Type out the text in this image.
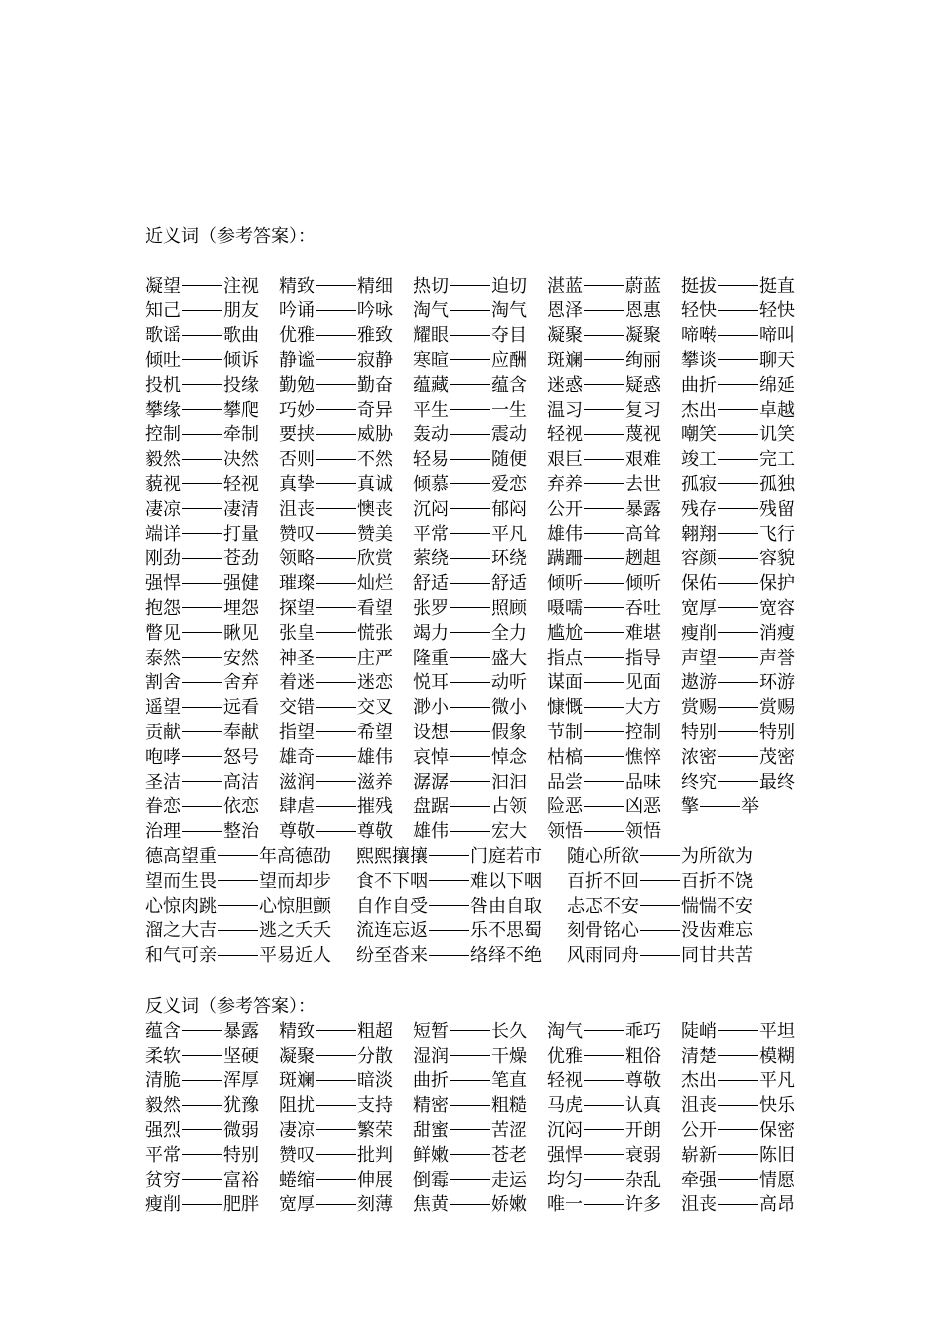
近义词（参考答案）：
凝望 注视	精致 精细	热切 迫切	湛蓝 蔚蓝	挺拔 挺直
知己 朋友	吟诵 吟咏	淘气 淘气	恩泽 恩惠	轻快 轻快
歌谣 歌曲	优雅 雅致	耀眼 夺目	凝聚 凝聚	啼啭 啼叫
倾吐 倾诉	静谧 寂静	寒暄 应酬	斑斓 绚丽	攀谈 聊天
投机 投缘	勤勉 勤奋	蕴藏 蕴含	迷惑 疑惑	曲折 绵延
攀缘 攀爬	巧妙 奇异	平生 一生	温习 复习	杰出 卓越
控制 牵制	要挟 威胁	轰动 震动	轻视 蔑视	嘲笑 讥笑
毅然 决然	否则 不然	轻易 随便	艰巨 艰难	竣工 完工
藐视 轻视	真挚 真诚	倾慕 爱恋	弃养 去世	孤寂 孤独
凄凉 凄清	沮丧 懊丧	沉闷 郁闷	公开 暴露	残存 残留
端详 打量	赞叹 赞美	平常 平凡	雄伟 高耸	翱翔 飞行
刚劲 苍劲	领略 欣赏	萦绕 环绕	蹒跚 趔趄	容颜 容貌
强悍 强健	璀璨 灿烂	舒适 舒适	倾听 倾听	保佑 保护
抱怨 埋怨	探望 看望	张罗 照顾	嗫嚅 吞吐	宽厚 宽容
瞥见 瞅见	张皇 慌张	竭力 全力	尴尬 难堪	瘦削 消瘦
泰然 安然	神圣 庄严	隆重 盛大	指点 指导	声望 声誉
割舍 舍弃	着迷 迷恋	悦耳 动听	谋面 见面	遨游 环游
遥望 远看	交错 交叉	渺小 微小	慷慨 大方	赏赐 赏赐
贡献 奉献	指望 希望	设想 假象	节制 控制	特别 特别
咆哮 怒号	雄奇 雄伟	哀悼 悼念	枯槁 憔悴	浓密 茂密
圣洁 高洁	滋润 滋养	潺潺 汩汩	品尝 品味	终究 最终
眷恋 依恋	肆虐 摧残	盘踞 占领	险恶 凶恶	擎 举
治理 整治	尊敬 尊敬	雄伟 宏大	领悟 领悟
德高望重 年高德劭	熙熙攘攘 门庭若市	随心所欲 为所欲为
望而生畏 望而却步	食不下咽 难以下咽	百折不回 百折不饶
心惊肉跳 心惊胆颤	自作自受 咎由自取	忐忑不安 惴惴不安
溜之大吉 逃之夭夭	流连忘返 乐不思蜀	刻骨铭心 没齿难忘
和气可亲 平易近人	纷至沓来 络绎不绝	风雨同舟 同甘共苦
反义词（参考答案）：
蕴含 暴露	精致 粗超	短暂 长久	淘气 乖巧	陡峭 平坦
柔软 坚硬	凝聚 分散	湿润 干燥	优雅 粗俗	清楚 模糊
清脆 浑厚	斑斓 暗淡	曲折 笔直	轻视 尊敬	杰出 平凡
毅然 犹豫	阻扰 支持	精密 粗糙	马虎 认真	沮丧 快乐
强烈 微弱	凄凉 繁荣	甜蜜 苦涩	沉闷 开朗	公开 保密
平常 特别	赞叹 批判	鲜嫩 苍老	强悍 衰弱	崭新 陈旧
贫穷 富裕	蜷缩 伸展	倒霉 走运	均匀 杂乱	牵强 情愿
瘦削 肥胖	宽厚 刻薄	焦黄 娇嫩	唯一 许多	沮丧 高昂
